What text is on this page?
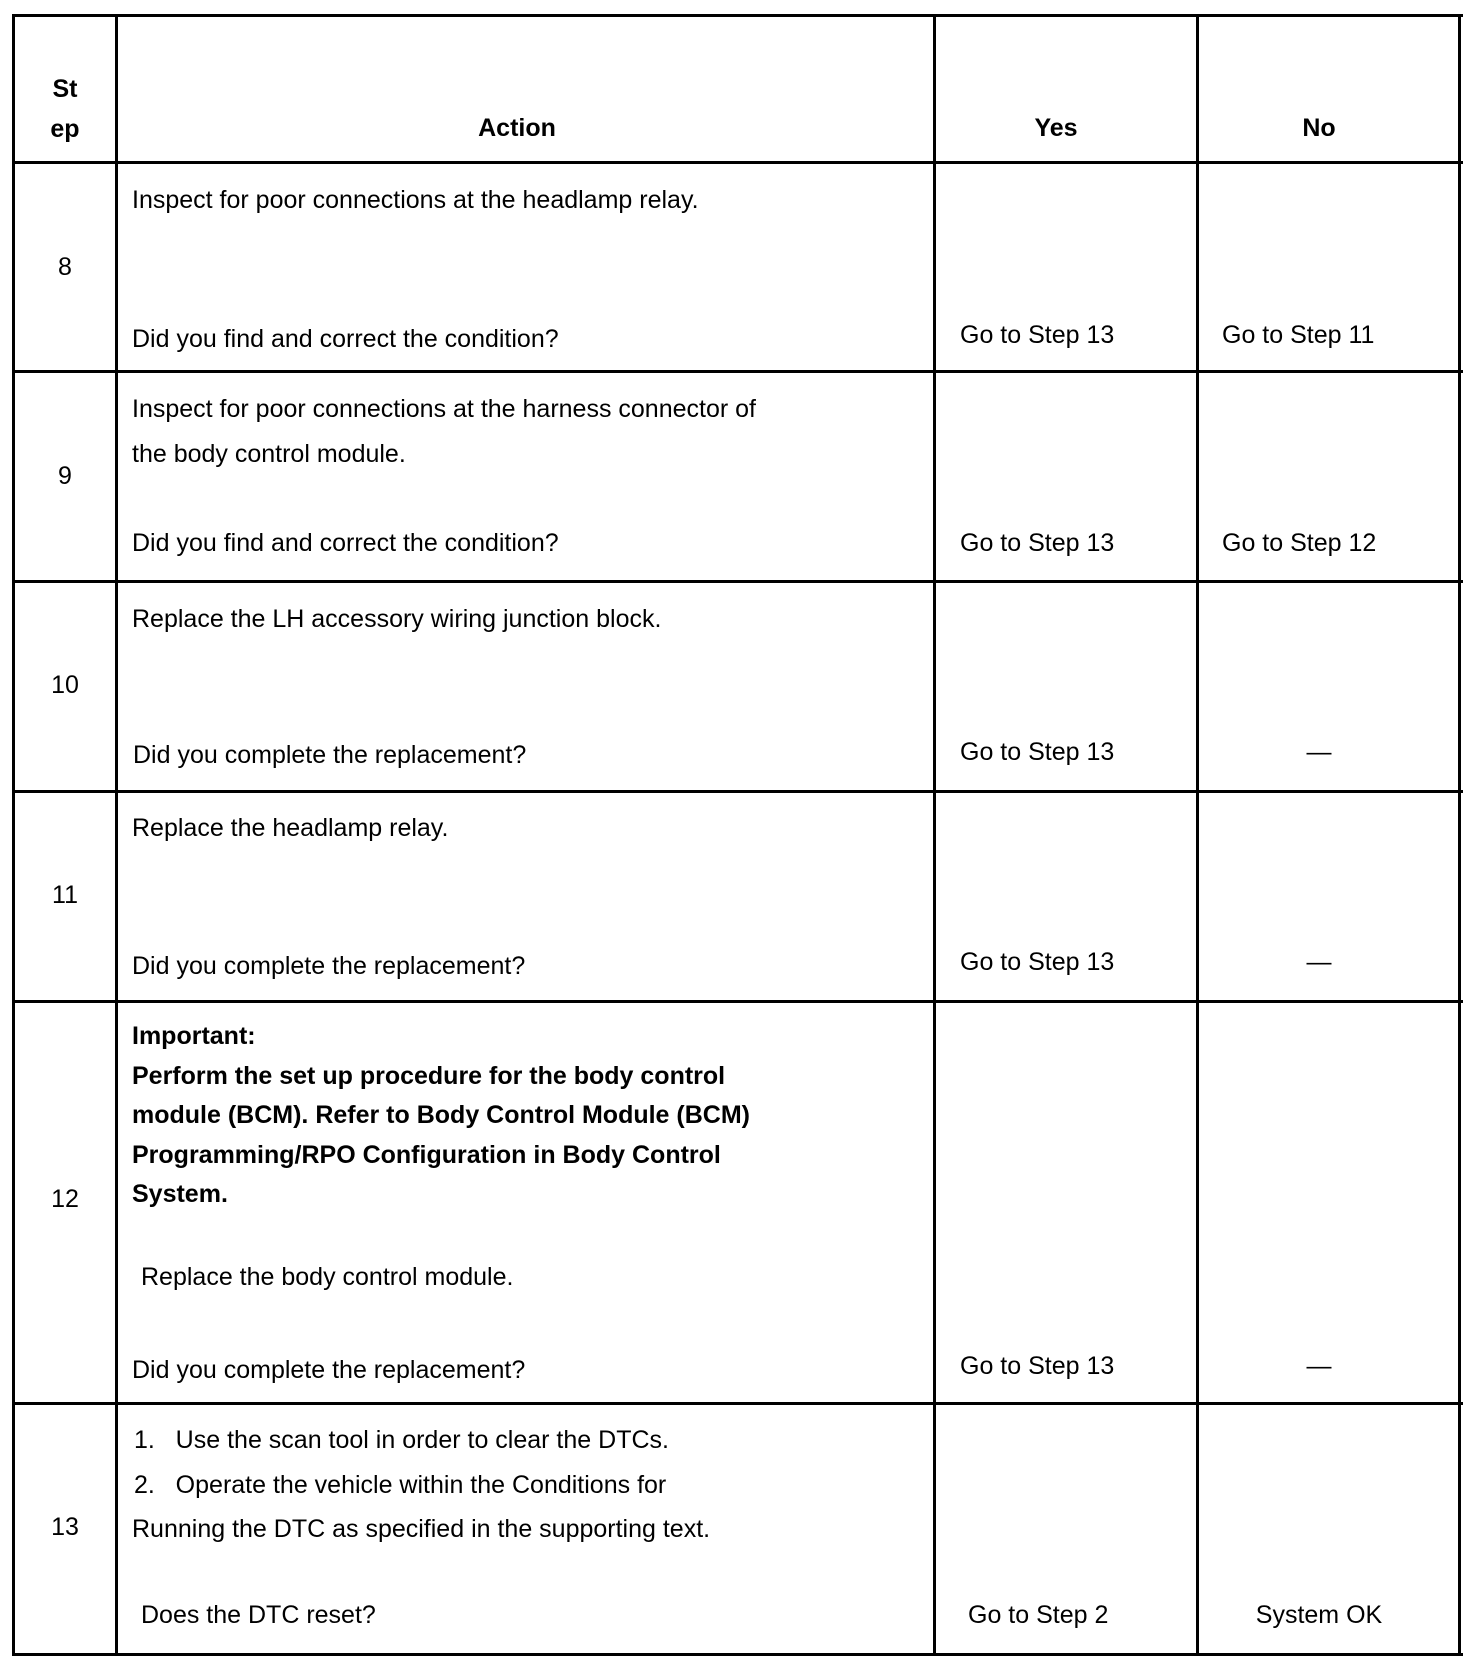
St
ep	Action	Yes	No
8
Inspect for poor connections at the headlamp relay.
Did you find and correct the condition?	Go to Step 13	Go to Step 11
9
Inspect for poor connections at the harness connector of
the body control module.
Did you find and correct the condition?	Go to Step 13	Go to Step 12
10
Replace the LH accessory wiring junction block.
Did you complete the replacement?	Go to Step 13	—
11
Replace the headlamp relay.
Did you complete the replacement?	Go to Step 13	—
12
Important:
Perform the set up procedure for the body control
module (BCM). Refer to Body Control Module (BCM)
Programming/RPO Configuration in Body Control
System.
Replace the body control module.
Did you complete the replacement?	Go to Step 13	—
13
1.   Use the scan tool in order to clear the DTCs.
2.   Operate the vehicle within the Conditions for
Running the DTC as specified in the supporting text.
Does the DTC reset?	Go to Step 2	System OK
